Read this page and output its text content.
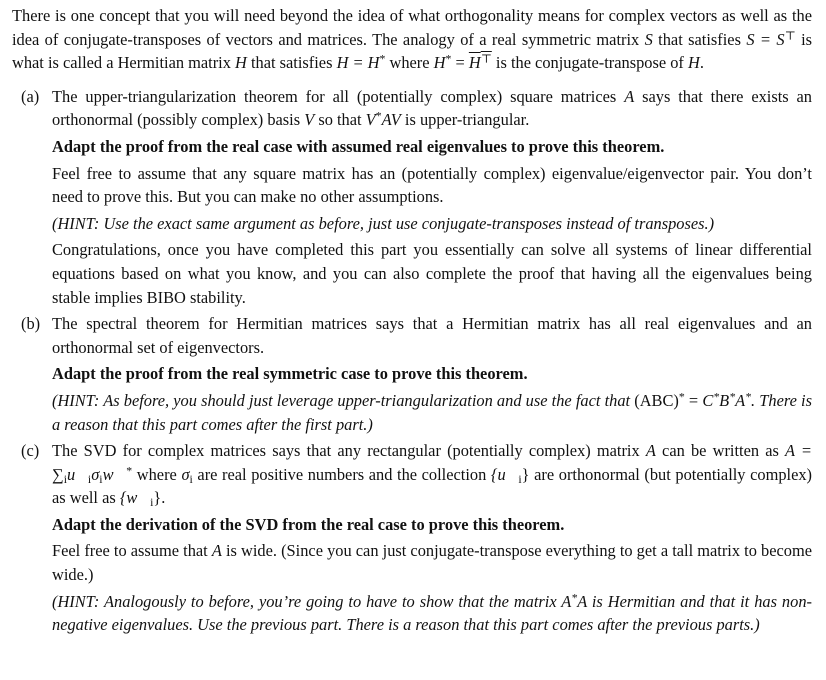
There is one concept that you will need beyond the idea of what orthogonality means for complex vectors as well as the idea of conjugate-transposes of vectors and matrices. The analogy of a real symmetric matrix S that satisfies S = S⊤ is what is called a Hermitian matrix H that satisfies H = H* where H* = H⊤ is the conjugate-transpose of H.

(a) The upper-triangularization theorem for all (potentially complex) square matrices A says that there exists an orthonormal (possibly complex) basis V so that V*AV is upper-triangular.

Adapt the proof from the real case with assumed real eigenvalues to prove this theorem.

Feel free to assume that any square matrix has an (potentially complex) eigenvalue/eigenvector pair. You don’t need to prove this. But you can make no other assumptions.

(HINT: Use the exact same argument as before, just use conjugate-transposes instead of transposes.)

Congratulations, once you have completed this part you essentially can solve all systems of linear differential equations based on what you know, and you can also complete the proof that having all the eigenvalues being stable implies BIBO stability.

(b) The spectral theorem for Hermitian matrices says that a Hermitian matrix has all real eigenvalues and an orthonormal set of eigenvectors.

Adapt the proof from the real symmetric case to prove this theorem.

(HINT: As before, you should just leverage upper-triangularization and use the fact that (ABC)* = C*B*A*. There is a reason that this part comes after the first part.)

(c) The SVD for complex matrices says that any rectangular (potentially complex) matrix A can be written as $A = \sum_iu⃗_i\sigma_iw⃗^*$ where $\sigma_i$ are real positive numbers and the collection $\{u⃗_i\}$ are orthonormal (but potentially complex) as well as $\{w⃗_i\}$.

Adapt the derivation of the SVD from the real case to prove this theorem.

Feel free to assume that A is wide. (Since you can just conjugate-transpose everything to get a tall matrix to become wide.)

(HINT: Analogously to before, you’re going to have to show that the matrix A*A is Hermitian and that it has non-negative eigenvalues. Use the previous part. There is a reason that this part comes after the previous parts.)
